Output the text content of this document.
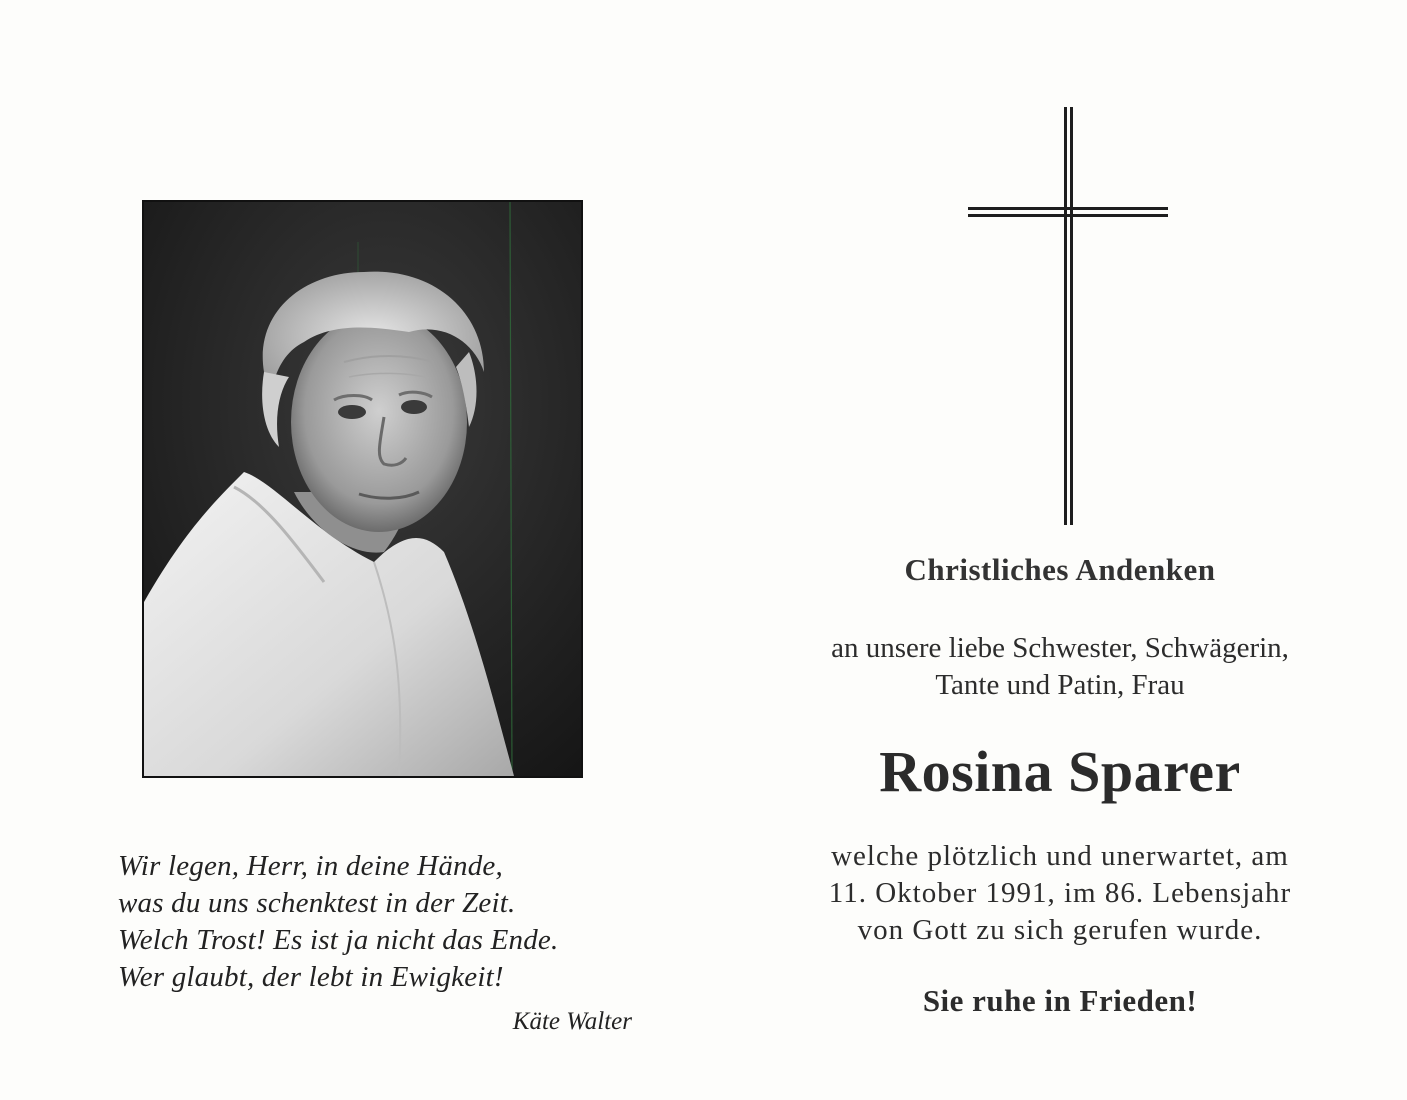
Wir legen, Herr, in deine Hände,
was du uns schenktest in der Zeit.
Welch Trost! Es ist ja nicht das Ende.
Wer glaubt, der lebt in Ewigkeit!
Käte Walter
Christliches Andenken
an unsere liebe Schwester, Schwägerin,
Tante und Patin, Frau
Rosina Sparer
welche plötzlich und unerwartet, am
11. Oktober 1991, im 86. Lebensjahr
von Gott zu sich gerufen wurde.
Sie ruhe in Frieden!
